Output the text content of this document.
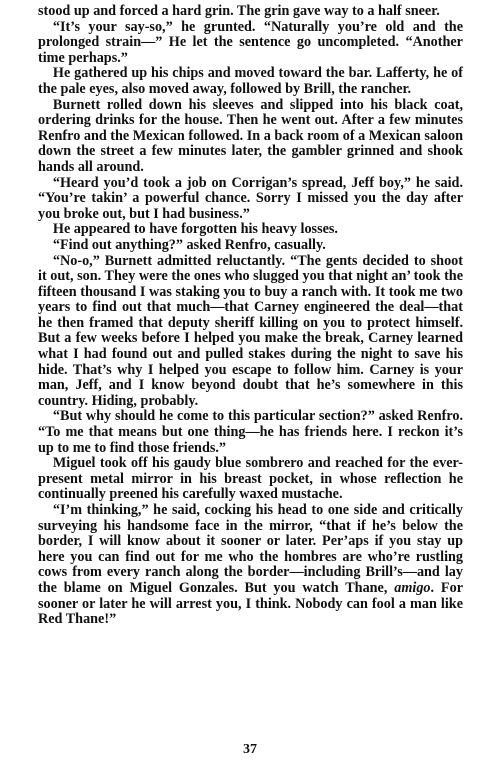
stood up and forced a hard grin. The grin gave way to a half sneer.

“It’s your say-so,” he grunted. “Naturally you’re old and the prolonged strain—” He let the sentence go uncompleted. “Another time perhaps.”

He gathered up his chips and moved toward the bar. Lafferty, he of the pale eyes, also moved away, followed by Brill, the rancher.

Burnett rolled down his sleeves and slipped into his black coat, ordering drinks for the house. Then he went out. After a few minutes Renfro and the Mexican followed. In a back room of a Mexican saloon down the street a few minutes later, the gambler grinned and shook hands all around.

“Heard you’d took a job on Corrigan’s spread, Jeff boy,” he said. “You’re takin’ a powerful chance. Sorry I missed you the day after you broke out, but I had business.”

He appeared to have forgotten his heavy losses.

“Find out anything?” asked Renfro, casually.

“No-o,” Burnett admitted reluctantly. “The gents decided to shoot it out, son. They were the ones who slugged you that night an’ took the fifteen thousand I was staking you to buy a ranch with. It took me two years to find out that much—that Carney engineered the deal—that he then framed that deputy sheriff killing on you to protect himself. But a few weeks before I helped you make the break, Carney learned what I had found out and pulled stakes during the night to save his hide. That’s why I helped you escape to follow him. Carney is your man, Jeff, and I know beyond doubt that he’s somewhere in this country. Hiding, probably.

“But why should he come to this particular section?” asked Renfro. “To me that means but one thing—he has friends here. I reckon it’s up to me to find those friends.”

Miguel took off his gaudy blue sombrero and reached for the ever-present metal mirror in his breast pocket, in whose reflection he continually preened his carefully waxed mustache.

“I’m thinking,” he said, cocking his head to one side and critically surveying his handsome face in the mirror, “that if he’s below the border, I will know about it sooner or later. Per’aps if you stay up here you can find out for me who the hombres are who’re rustling cows from every ranch along the border—including Brill’s—and lay the blame on Miguel Gonzales. But you watch Thane, amigo. For sooner or later he will arrest you, I think. Nobody can fool a man like Red Thane!”

37
